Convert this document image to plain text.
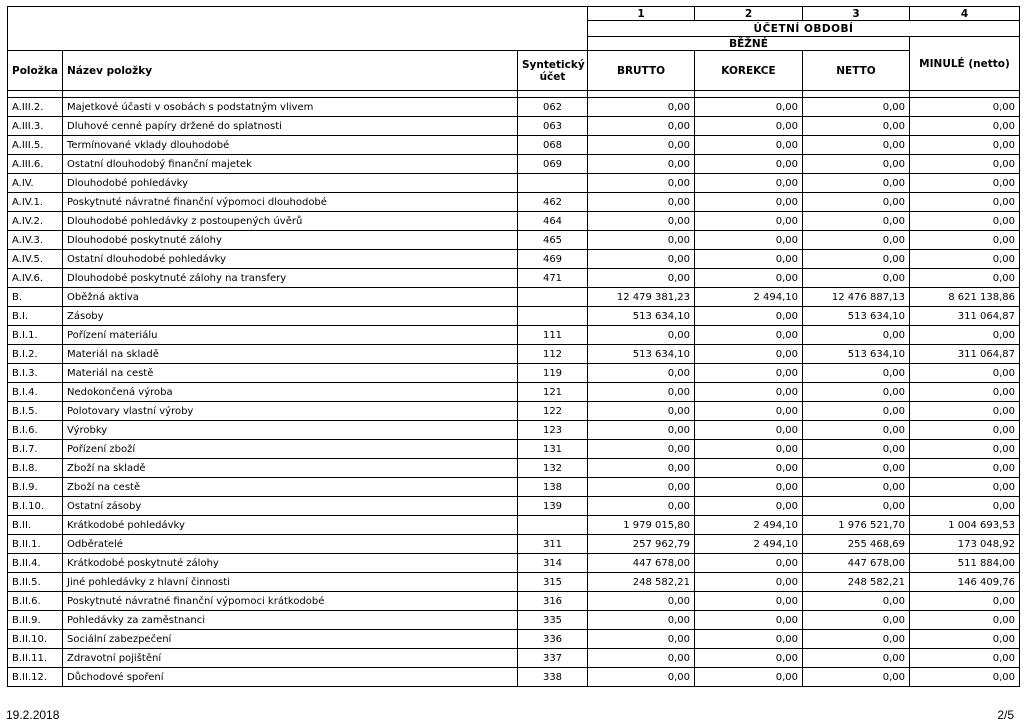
			1	2	3	4
			ÚČETNÍ OBDOBÍ			
			BĚŽNÉ			MINULÉ (netto)
Položka	Název položky	Syntetický účet	BRUTTO	KOREKCE	NETTO	

A.III.2.	Majetkové účasti v osobách s podstatným vlivem	062	0,00	0,00	0,00	0,00
A.III.3.	Dluhové cenné papíry držené do splatnosti	063	0,00	0,00	0,00	0,00
A.III.5.	Termínované vklady dlouhodobé	068	0,00	0,00	0,00	0,00
A.III.6.	Ostatní dlouhodobý finanční majetek	069	0,00	0,00	0,00	0,00
A.IV.	Dlouhodobé pohledávky		0,00	0,00	0,00	0,00
A.IV.1.	Poskytnuté návratné finanční výpomoci dlouhodobé	462	0,00	0,00	0,00	0,00
A.IV.2.	Dlouhodobé pohledávky z postoupených úvěrů	464	0,00	0,00	0,00	0,00
A.IV.3.	Dlouhodobé poskytnuté zálohy	465	0,00	0,00	0,00	0,00
A.IV.5.	Ostatní dlouhodobé pohledávky	469	0,00	0,00	0,00	0,00
A.IV.6.	Dlouhodobé poskytnuté zálohy na transfery	471	0,00	0,00	0,00	0,00
B.	Oběžná aktiva		12 479 381,23	2 494,10	12 476 887,13	8 621 138,86
B.I.	Zásoby		513 634,10	0,00	513 634,10	311 064,87
B.I.1.	Pořízení materiálu	111	0,00	0,00	0,00	0,00
B.I.2.	Materiál na skladě	112	513 634,10	0,00	513 634,10	311 064,87
B.I.3.	Materiál na cestě	119	0,00	0,00	0,00	0,00
B.I.4.	Nedokončená výroba	121	0,00	0,00	0,00	0,00
B.I.5.	Polotovary vlastní výroby	122	0,00	0,00	0,00	0,00
B.I.6.	Výrobky	123	0,00	0,00	0,00	0,00
B.I.7.	Pořízení zboží	131	0,00	0,00	0,00	0,00
B.I.8.	Zboží na skladě	132	0,00	0,00	0,00	0,00
B.I.9.	Zboží na cestě	138	0,00	0,00	0,00	0,00
B.I.10.	Ostatní zásoby	139	0,00	0,00	0,00	0,00
B.II.	Krátkodobé pohledávky		1 979 015,80	2 494,10	1 976 521,70	1 004 693,53
B.II.1.	Odběratelé	311	257 962,79	2 494,10	255 468,69	173 048,92
B.II.4.	Krátkodobé poskytnuté zálohy	314	447 678,00	0,00	447 678,00	511 884,00
B.II.5.	Jiné pohledávky z hlavní činnosti	315	248 582,21	0,00	248 582,21	146 409,76
B.II.6.	Poskytnuté návratné finanční výpomoci krátkodobé	316	0,00	0,00	0,00	0,00
B.II.9.	Pohledávky za zaměstnanci	335	0,00	0,00	0,00	0,00
B.II.10.	Sociální zabezpečení	336	0,00	0,00	0,00	0,00
B.II.11.	Zdravotní pojištění	337	0,00	0,00	0,00	0,00
B.II.12.	Důchodové spoření	338	0,00	0,00	0,00	0,00
19.2.2018	2/5
